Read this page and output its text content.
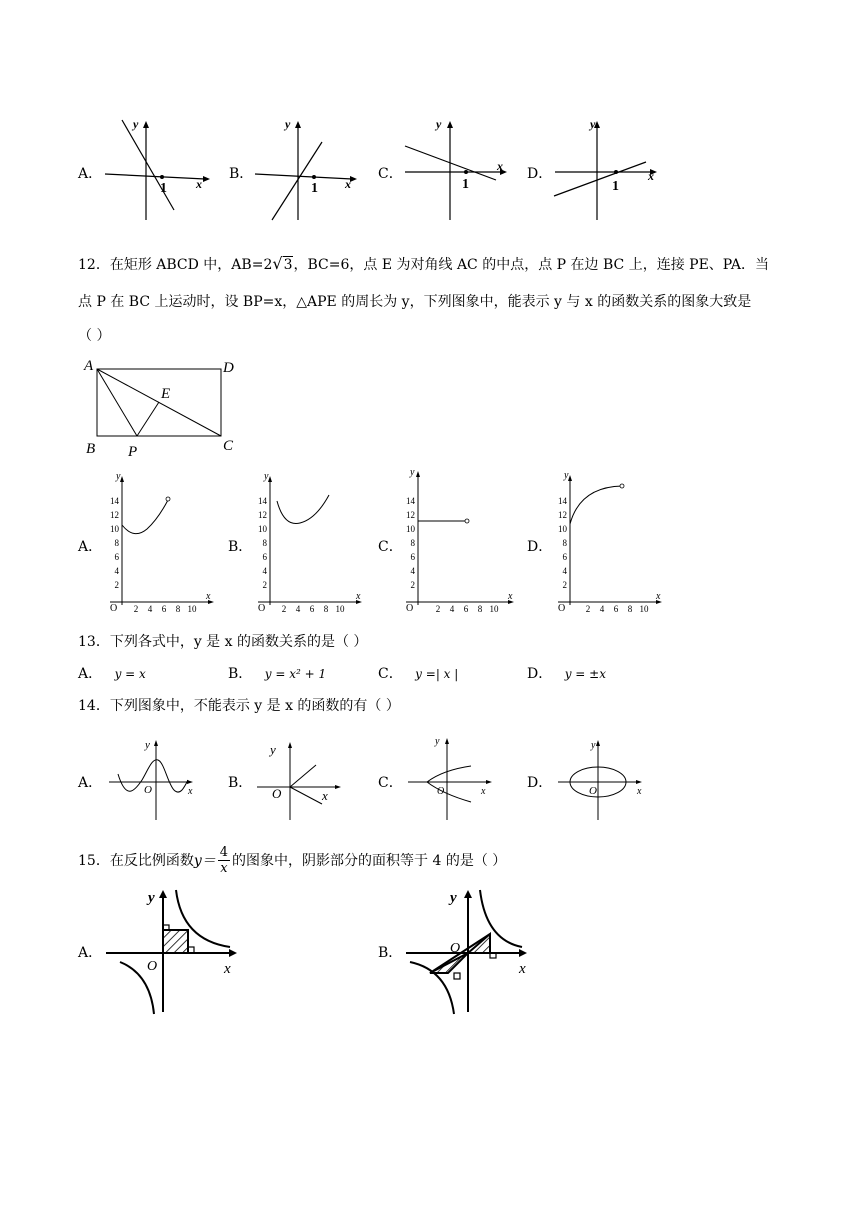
A．
y
x
1
B．
y
x
1
C．
y
x
1
D．
y
x
1
12．在矩形 ABCD 中，AB=2√3，BC=6，点 E 为对角线 AC 的中点，点 P 在边 BC 上，连接 PE、PA．当
点 P 在 BC 上运动时，设 BP=x，△APE 的周长为 y，下列图象中，能表示 y 与 x 的函数关系的图象大致是
（ ）
A	D
B	C
E
P
A．
y
x
O
2
4
6
8
10
12
14
2 4 6 8 10
B．
y
x
O
2
4
6
8
10
12
14
2 4 6 8 10
C．
y
x
O
2
4
6
8
10
12
14
2 4 6 8 10
D．
y
x
O
2
4
6
8
10
12
14
2 4 6 8 10
13．下列各式中，y 是 x 的函数关系的是（ ）
A． y = x	B． y = x² + 1	C． y =| x |	D． y = ±x
14．下列图象中，不能表示 y 是 x 的函数的有（ ）
A．
y
x
O	B．
y
x
O
C．
y
x
O
D．
y
x
O
15．在反比例函数 $y= \frac{4}{x}$ 的图象中，阴影部分的面积等于 4 的是（ ）
A．
y
x
O
B．
y
x
O
